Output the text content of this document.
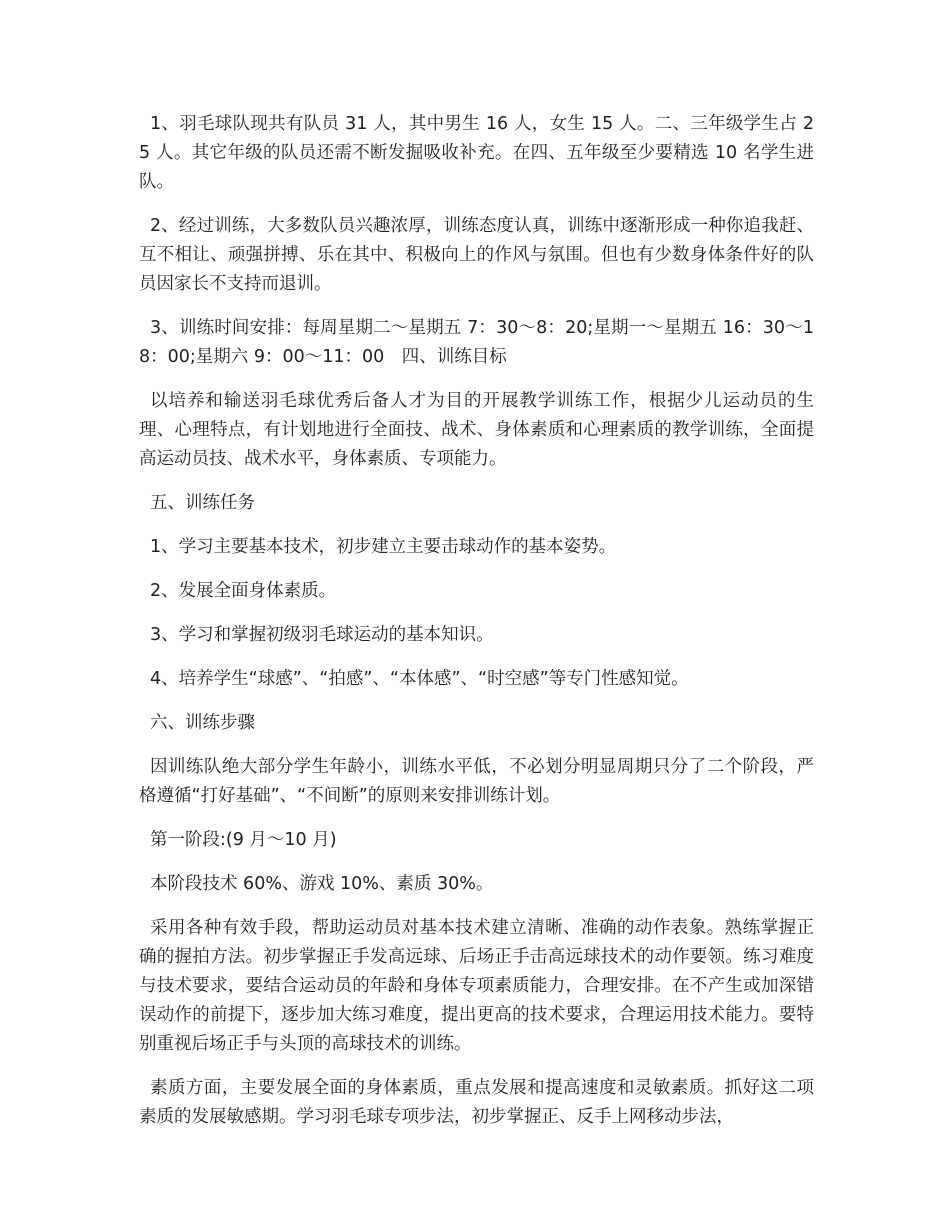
1、羽毛球队现共有队员 31 人，其中男生 16 人，女生 15 人。二、三年级学生占 25 人。其它年级的队员还需不断发掘吸收补充。在四、五年级至少要精选 10 名学生进队。

2、经过训练，大多数队员兴趣浓厚，训练态度认真，训练中逐渐形成一种你追我赶、互不相让、顽强拼搏、乐在其中、积极向上的作风与氛围。但也有少数身体条件好的队员因家长不支持而退训。

3、训练时间安排：每周星期二～星期五 7：30～8：20;星期一～星期五 16：30～18：00;星期六 9：00～11：00　四、训练目标

以培养和输送羽毛球优秀后备人才为目的开展教学训练工作，根据少儿运动员的生理、心理特点，有计划地进行全面技、战术、身体素质和心理素质的教学训练，全面提高运动员技、战术水平，身体素质、专项能力。

五、训练任务

1、学习主要基本技术，初步建立主要击球动作的基本姿势。

2、发展全面身体素质。

3、学习和掌握初级羽毛球运动的基本知识。

4、培养学生“球感”、“拍感”、“本体感”、“时空感”等专门性感知觉。

六、训练步骤

因训练队绝大部分学生年龄小，训练水平低，不必划分明显周期只分了二个阶段，严格遵循“打好基础”、“不间断”的原则来安排训练计划。

第一阶段:(9 月～10 月)

本阶段技术 60%、游戏 10%、素质 30%。

采用各种有效手段，帮助运动员对基本技术建立清晰、准确的动作表象。熟练掌握正确的握拍方法。初步掌握正手发高远球、后场正手击高远球技术的动作要领。练习难度与技术要求，要结合运动员的年龄和身体专项素质能力，合理安排。在不产生或加深错误动作的前提下，逐步加大练习难度，提出更高的技术要求，合理运用技术能力。要特别重视后场正手与头顶的高球技术的训练。

素质方面，主要发展全面的身体素质，重点发展和提高速度和灵敏素质。抓好这二项素质的发展敏感期。学习羽毛球专项步法，初步掌握正、反手上网移动步法，
